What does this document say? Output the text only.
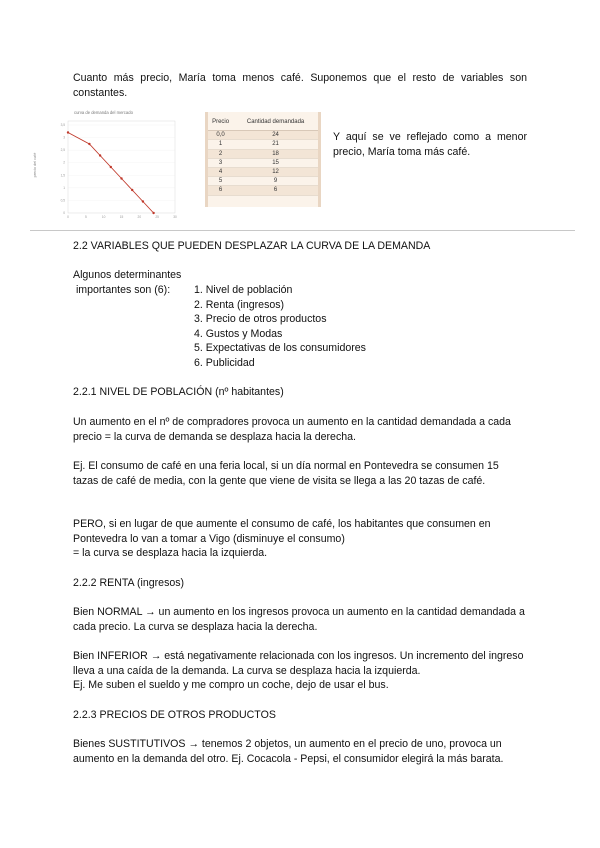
Cuanto más precio, María toma menos café. Suponemos que el resto de variables son constantes.

curva de demanda del mercado
precio del café
3,5
3
2,5
2
1,5
1
0,5
0
0	5	10	15	20	25	30
Precio	Cantidad demandada
0,0	24
1	21
2	18
3	15
4	12
5	9
6	6
Y aquí se ve reflejado como a menor precio, María toma más café.
2.2 VARIABLES QUE PUEDEN DESPLAZAR LA CURVA DE LA DEMANDA
Algunos determinantes
importantes son (6):	1. Nivel de población
2. Renta (ingresos)
3. Precio de otros productos
4. Gustos y Modas
5. Expectativas de los consumidores
6. Publicidad
2.2.1 NIVEL DE POBLACIÓN (nº habitantes)
Un aumento en el nº de compradores provoca un aumento en la cantidad demandada a cada precio = la curva de demanda se desplaza hacia la derecha.
Ej. El consumo de café en una feria local, si un día normal en Pontevedra se consumen 15 tazas de café de media, con la gente que viene de visita se llega a las 20 tazas de café.
PERO, si en lugar de que aumente el consumo de café, los habitantes que consumen en Pontevedra lo van a tomar a Vigo (disminuye el consumo)
= la curva se desplaza hacia la izquierda.
2.2.2 RENTA (ingresos)
Bien NORMAL → un aumento en los ingresos provoca un aumento en la cantidad demandada a cada precio. La curva se desplaza hacia la derecha.
Bien INFERIOR → está negativamente relacionada con los ingresos. Un incremento del ingreso lleva a una caída de la demanda. La curva se desplaza hacia la izquierda.
Ej. Me suben el sueldo y me compro un coche, dejo de usar el bus.
2.2.3 PRECIOS DE OTROS PRODUCTOS
Bienes SUSTITUTIVOS → tenemos 2 objetos, un aumento en el precio de uno, provoca un aumento en la demanda del otro. Ej. Cocacola - Pepsi, el consumidor elegirá la más barata.
